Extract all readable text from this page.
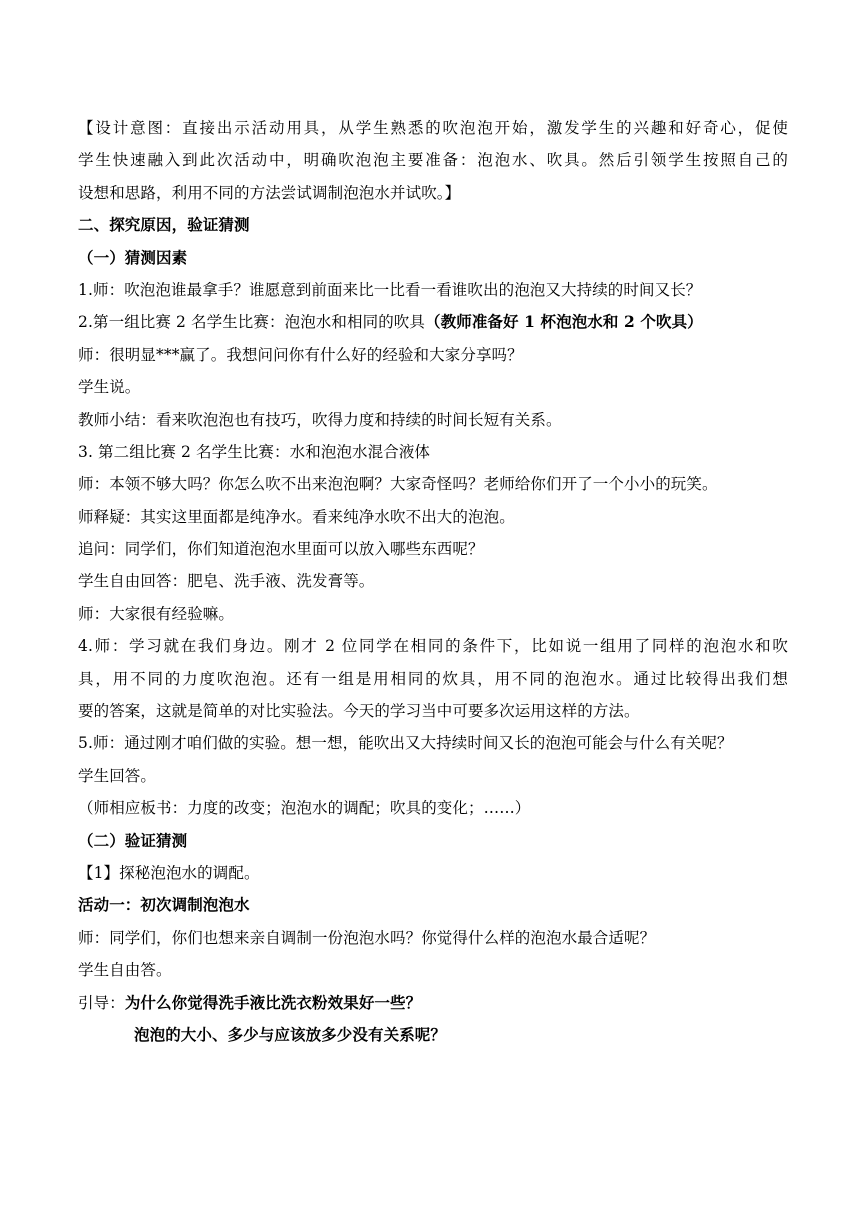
【设计意图：直接出示活动用具，从学生熟悉的吹泡泡开始，激发学生的兴趣和好奇心，促使
学生快速融入到此次活动中，明确吹泡泡主要准备：泡泡水、吹具。然后引领学生按照自己的
设想和思路，利用不同的方法尝试调制泡泡水并试吹。】
二、探究原因，验证猜测
（一）猜测因素
1.师：吹泡泡谁最拿手？谁愿意到前面来比一比看一看谁吹出的泡泡又大持续的时间又长？
2.第一组比赛 2 名学生比赛：泡泡水和相同的吹具（教师准备好 1 杯泡泡水和 2 个吹具）
师：很明显***赢了。我想问问你有什么好的经验和大家分享吗？
学生说。
教师小结：看来吹泡泡也有技巧，吹得力度和持续的时间长短有关系。
3. 第二组比赛 2 名学生比赛：水和泡泡水混合液体
师：本领不够大吗？你怎么吹不出来泡泡啊？大家奇怪吗？老师给你们开了一个小小的玩笑。
师释疑：其实这里面都是纯净水。看来纯净水吹不出大的泡泡。
追问：同学们，你们知道泡泡水里面可以放入哪些东西呢？
学生自由回答：肥皂、洗手液、洗发膏等。
师：大家很有经验嘛。
4.师：学习就在我们身边。刚才 2 位同学在相同的条件下，比如说一组用了同样的泡泡水和吹
具，用不同的力度吹泡泡。还有一组是用相同的炊具，用不同的泡泡水。通过比较得出我们想
要的答案，这就是简单的对比实验法。今天的学习当中可要多次运用这样的方法。
5.师：通过刚才咱们做的实验。想一想，能吹出又大持续时间又长的泡泡可能会与什么有关呢？
学生回答。
（师相应板书：力度的改变；泡泡水的调配；吹具的变化；……）
（二）验证猜测
【1】探秘泡泡水的调配。
活动一：初次调制泡泡水
师：同学们，你们也想来亲自调制一份泡泡水吗？你觉得什么样的泡泡水最合适呢？
学生自由答。
引导：为什么你觉得洗手液比洗衣粉效果好一些？
泡泡的大小、多少与应该放多少没有关系呢？
